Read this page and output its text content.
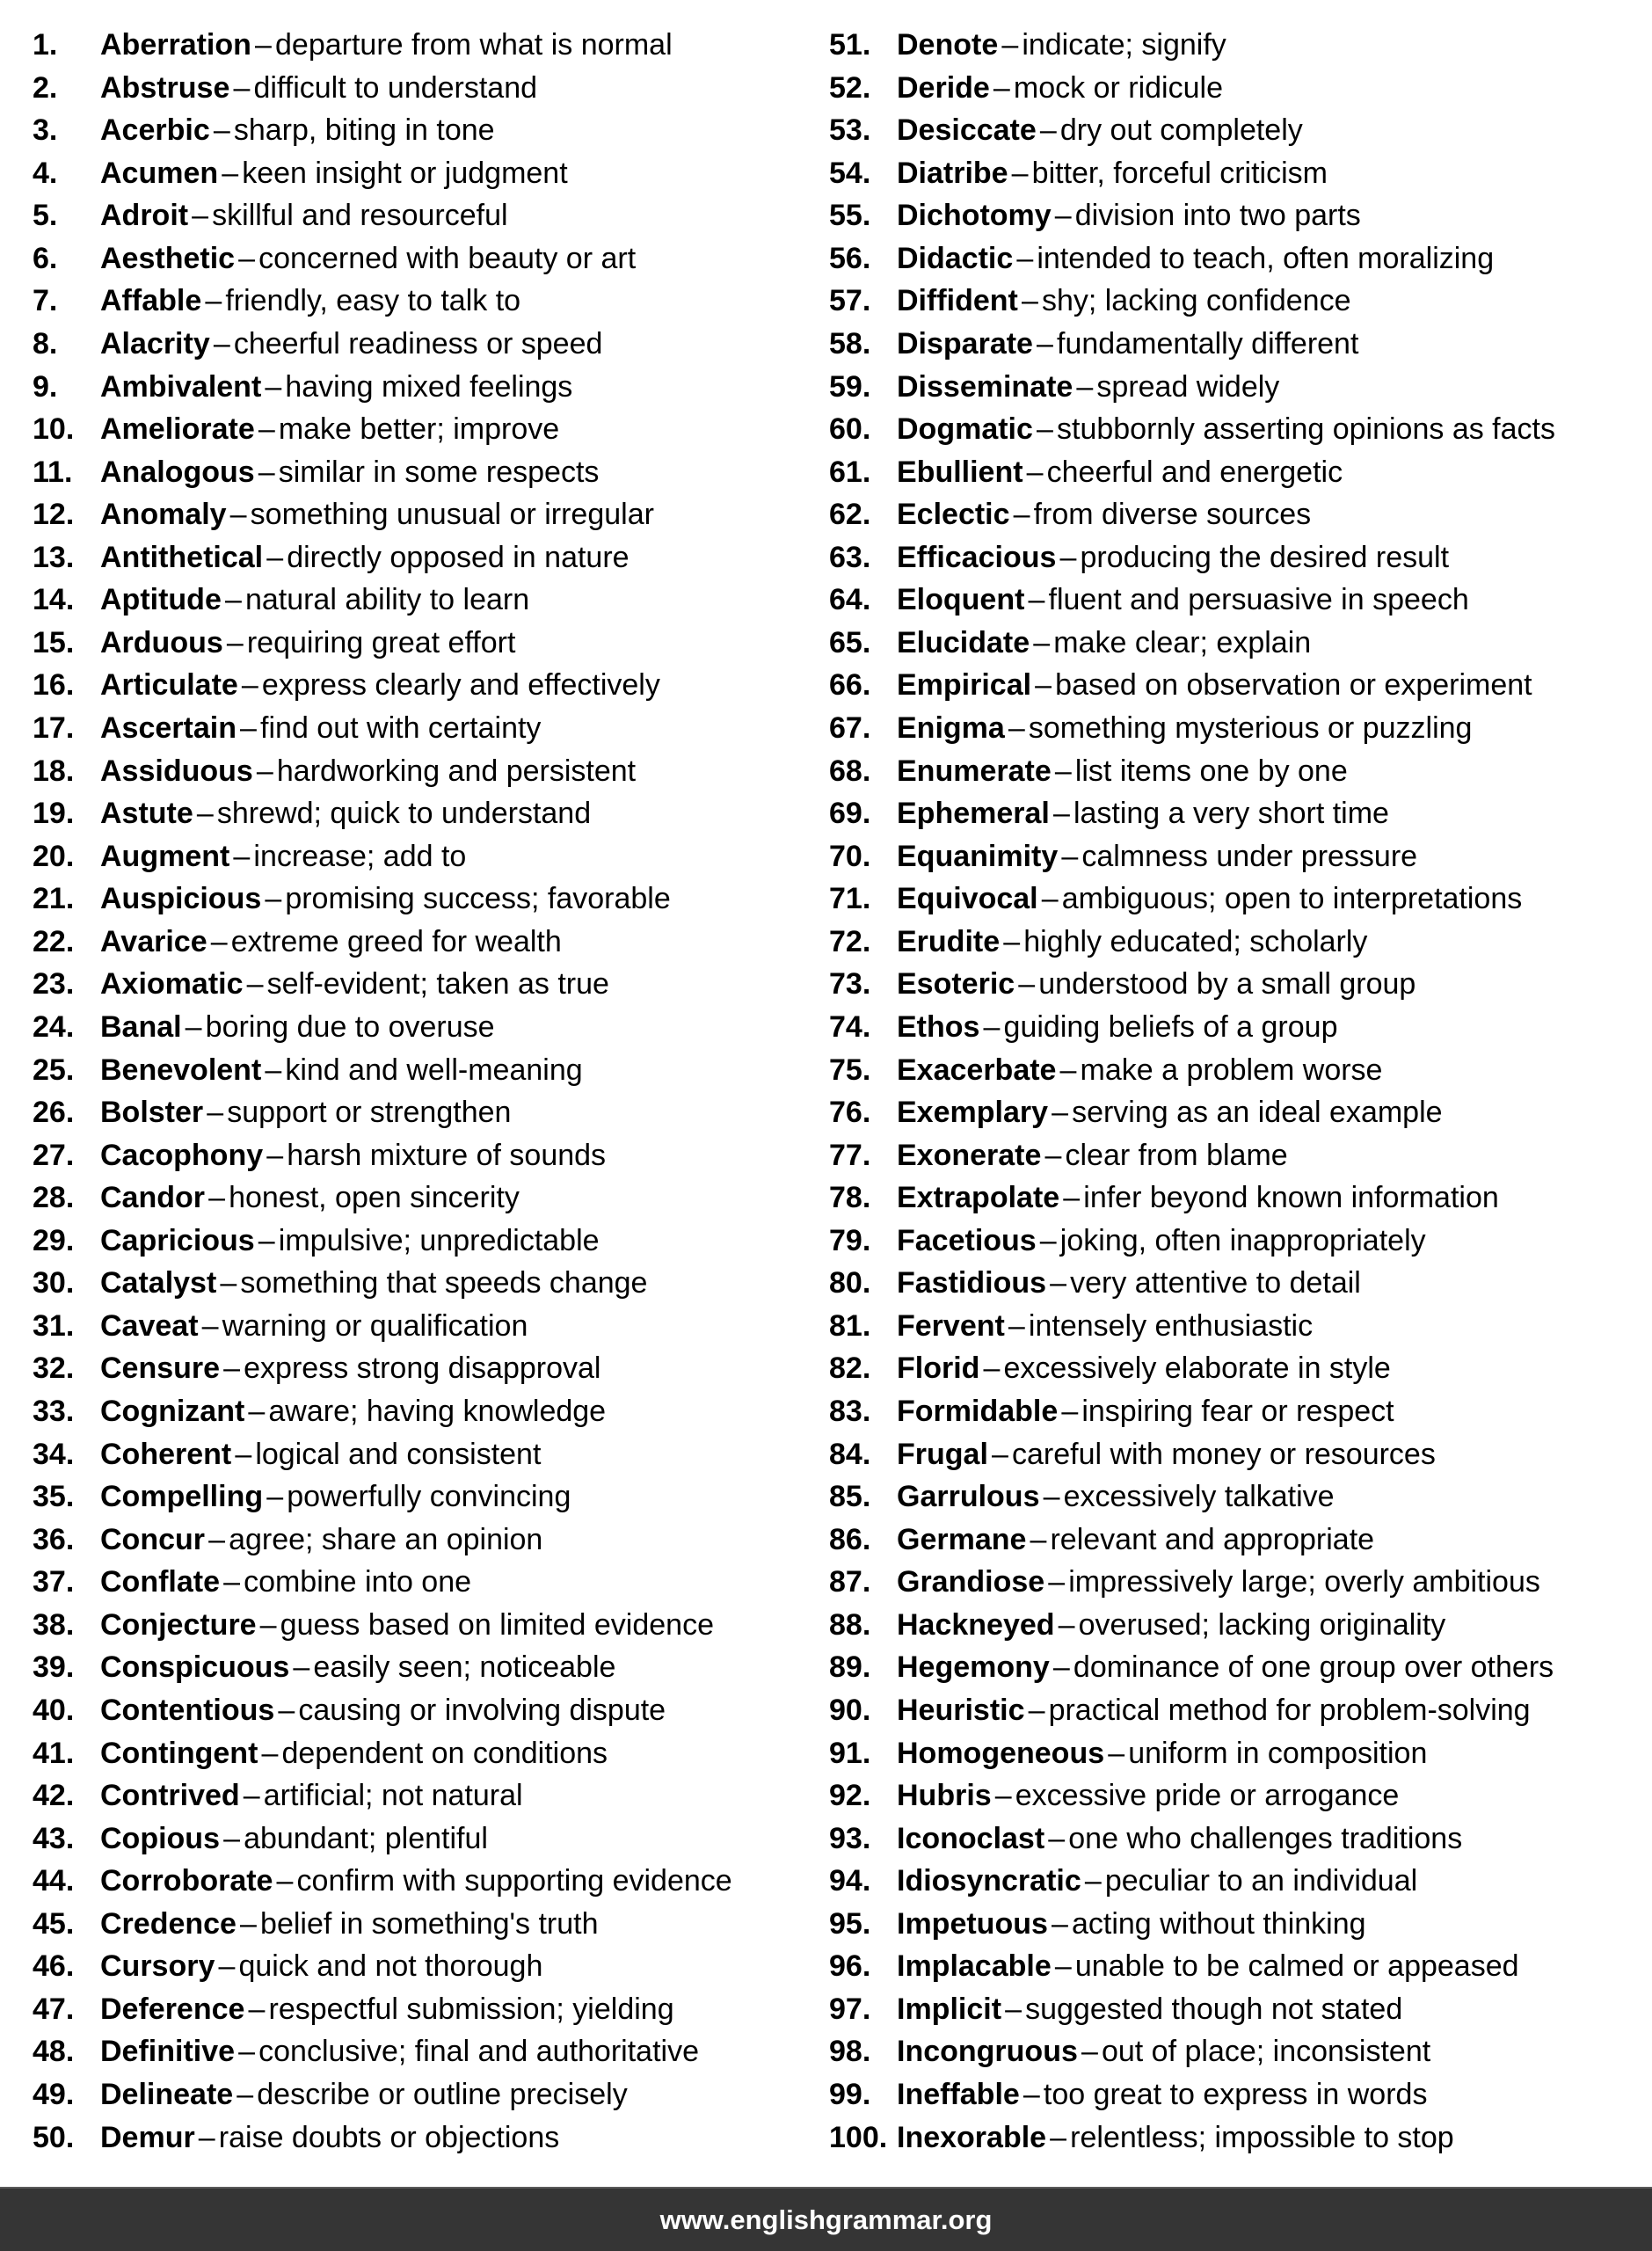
1. Aberration – departure from what is normal
2. Abstruse – difficult to understand
3. Acerbic – sharp, biting in tone
4. Acumen – keen insight or judgment
5. Adroit – skillful and resourceful
6. Aesthetic – concerned with beauty or art
7. Affable – friendly, easy to talk to
8. Alacrity – cheerful readiness or speed
9. Ambivalent – having mixed feelings
10. Ameliorate – make better; improve
11. Analogous – similar in some respects
12. Anomaly – something unusual or irregular
13. Antithetical – directly opposed in nature
14. Aptitude – natural ability to learn
15. Arduous – requiring great effort
16. Articulate – express clearly and effectively
17. Ascertain – find out with certainty
18. Assiduous – hardworking and persistent
19. Astute – shrewd; quick to understand
20. Augment – increase; add to
21. Auspicious – promising success; favorable
22. Avarice – extreme greed for wealth
23. Axiomatic – self-evident; taken as true
24. Banal – boring due to overuse
25. Benevolent – kind and well-meaning
26. Bolster – support or strengthen
27. Cacophony – harsh mixture of sounds
28. Candor – honest, open sincerity
29. Capricious – impulsive; unpredictable
30. Catalyst – something that speeds change
31. Caveat – warning or qualification
32. Censure – express strong disapproval
33. Cognizant – aware; having knowledge
34. Coherent – logical and consistent
35. Compelling – powerfully convincing
36. Concur – agree; share an opinion
37. Conflate – combine into one
38. Conjecture – guess based on limited evidence
39. Conspicuous – easily seen; noticeable
40. Contentious – causing or involving dispute
41. Contingent – dependent on conditions
42. Contrived – artificial; not natural
43. Copious – abundant; plentiful
44. Corroborate – confirm with supporting evidence
45. Credence – belief in something's truth
46. Cursory – quick and not thorough
47. Deference – respectful submission; yielding
48. Definitive – conclusive; final and authoritative
49. Delineate – describe or outline precisely
50. Demur – raise doubts or objections
51. Denote – indicate; signify
52. Deride – mock or ridicule
53. Desiccate – dry out completely
54. Diatribe – bitter, forceful criticism
55. Dichotomy – division into two parts
56. Didactic – intended to teach, often moralizing
57. Diffident – shy; lacking confidence
58. Disparate – fundamentally different
59. Disseminate – spread widely
60. Dogmatic – stubbornly asserting opinions as facts
61. Ebullient – cheerful and energetic
62. Eclectic – from diverse sources
63. Efficacious – producing the desired result
64. Eloquent – fluent and persuasive in speech
65. Elucidate – make clear; explain
66. Empirical – based on observation or experiment
67. Enigma – something mysterious or puzzling
68. Enumerate – list items one by one
69. Ephemeral – lasting a very short time
70. Equanimity – calmness under pressure
71. Equivocal – ambiguous; open to interpretations
72. Erudite – highly educated; scholarly
73. Esoteric – understood by a small group
74. Ethos – guiding beliefs of a group
75. Exacerbate – make a problem worse
76. Exemplary – serving as an ideal example
77. Exonerate – clear from blame
78. Extrapolate – infer beyond known information
79. Facetious – joking, often inappropriately
80. Fastidious – very attentive to detail
81. Fervent – intensely enthusiastic
82. Florid – excessively elaborate in style
83. Formidable – inspiring fear or respect
84. Frugal – careful with money or resources
85. Garrulous – excessively talkative
86. Germane – relevant and appropriate
87. Grandiose – impressively large; overly ambitious
88. Hackneyed – overused; lacking originality
89. Hegemony – dominance of one group over others
90. Heuristic – practical method for problem-solving
91. Homogeneous – uniform in composition
92. Hubris – excessive pride or arrogance
93. Iconoclast – one who challenges traditions
94. Idiosyncratic – peculiar to an individual
95. Impetuous – acting without thinking
96. Implacable – unable to be calmed or appeased
97. Implicit – suggested though not stated
98. Incongruous – out of place; inconsistent
99. Ineffable – too great to express in words
100. Inexorable – relentless; impossible to stop
www.englishgrammar.org
